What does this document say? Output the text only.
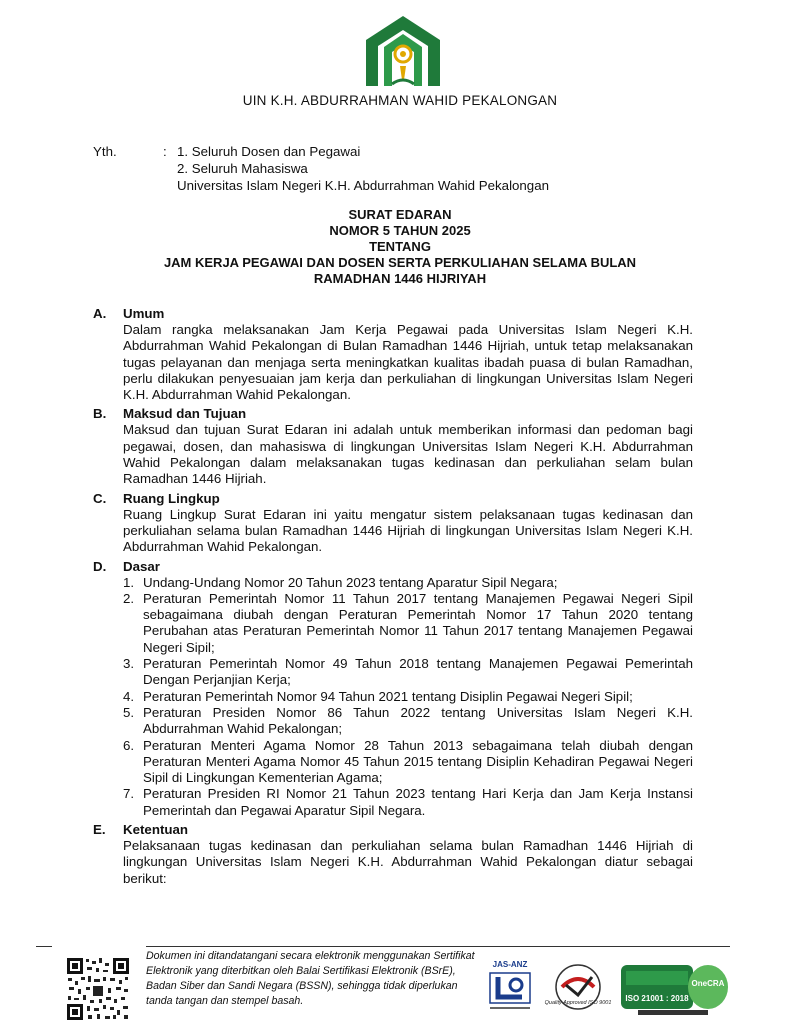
UIN K.H. ABDURRAHMAN WAHID PEKALONGAN
Yth.	: 1. Seluruh Dosen dan Pegawai
2. Seluruh Mahasiswa
Universitas Islam Negeri K.H. Abdurrahman Wahid Pekalongan
SURAT EDARAN
NOMOR 5 TAHUN 2025
TENTANG
JAM KERJA PEGAWAI DAN DOSEN SERTA PERKULIAHAN SELAMA BULAN
RAMADHAN 1446 HIJRIYAH
A.	Umum
Dalam rangka melaksanakan Jam Kerja Pegawai pada Universitas Islam Negeri K.H. Abdurrahman Wahid Pekalongan di Bulan Ramadhan 1446 Hijriah, untuk tetap melaksanakan tugas pelayanan dan menjaga serta meningkatkan kualitas ibadah puasa di bulan Ramadhan, perlu dilakukan penyesuaian jam kerja dan perkuliahan di lingkungan Universitas Islam Negeri K.H. Abdurrahman Wahid Pekalongan.
B.	Maksud dan Tujuan
Maksud dan tujuan Surat Edaran ini adalah untuk memberikan informasi dan pedoman bagi pegawai, dosen, dan mahasiswa di lingkungan Universitas Islam Negeri K.H. Abdurrahman Wahid Pekalongan dalam melaksanakan tugas kedinasan dan perkuliahan selam bulan Ramadhan 1446 Hijriah.
C.	Ruang Lingkup
Ruang Lingkup Surat Edaran ini yaitu mengatur sistem pelaksanaan tugas kedinasan dan perkuliahan selama bulan Ramadhan 1446 Hijriah di lingkungan Universitas Islam Negeri K.H. Abdurrahman Wahid Pekalongan.
D.	Dasar
1. Undang-Undang Nomor 20 Tahun 2023 tentang Aparatur Sipil Negara;
2. Peraturan Pemerintah Nomor 11 Tahun 2017 tentang Manajemen Pegawai Negeri Sipil sebagaimana diubah dengan Peraturan Pemerintah Nomor 17 Tahun 2020 tentang Perubahan atas Peraturan Pemerintah Nomor 11 Tahun 2017 tentang Manajemen Pegawai Negeri Sipil;
3. Peraturan Pemerintah Nomor 49 Tahun 2018 tentang Manajemen Pegawai Pemerintah Dengan Perjanjian Kerja;
4. Peraturan Pemerintah Nomor 94 Tahun 2021 tentang Disiplin Pegawai Negeri Sipil;
5. Peraturan Presiden Nomor 86 Tahun 2022 tentang Universitas Islam Negeri K.H. Abdurrahman Wahid Pekalongan;
6. Peraturan Menteri Agama Nomor 28 Tahun 2013 sebagaimana telah diubah dengan Peraturan Menteri Agama Nomor 45 Tahun 2015 tentang Disiplin Kehadiran Pegawai Negeri Sipil di Lingkungan Kementerian Agama;
7. Peraturan Presiden RI Nomor 21 Tahun 2023 tentang Hari Kerja dan Jam Kerja Instansi Pemerintah dan Pegawai Aparatur Sipil Negara.
E.	Ketentuan
Pelaksanaan tugas kedinasan dan perkuliahan selama bulan Ramadhan 1446 Hijriah di lingkungan Universitas Islam Negeri K.H. Abdurrahman Wahid Pekalongan diatur sebagai berikut:
Dokumen ini ditandatangani secara elektronik menggunakan Sertifikat Elektronik yang diterbitkan oleh Balai Sertifikasi Elektronik (BSrE), Badan Siber dan Sandi Negara (BSSN), sehingga tidak diperlukan tanda tangan dan stempel basah.
JAS-ANZ
Quality Approved ISO 9001
OneCRA
ISO 21001 : 2018
